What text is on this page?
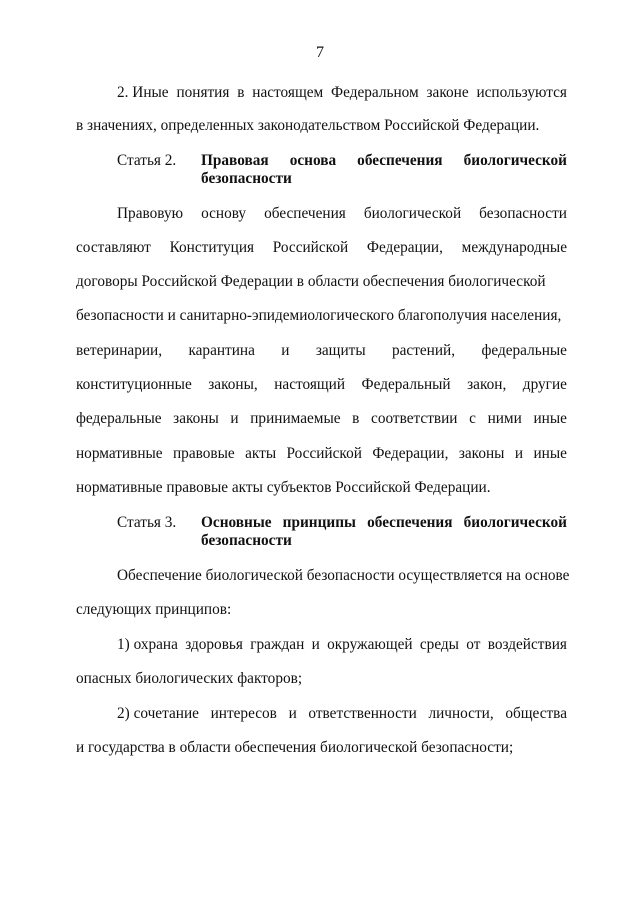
7
2. Иные понятия в настоящем Федеральном законе используются
в значениях, определенных законодательством Российской Федерации.
Статья 2. Правовая основа обеспечения биологической
безопасности
Правовую основу обеспечения биологической безопасности
составляют Конституция Российской Федерации, международные
договоры Российской Федерации в области обеспечения биологической
безопасности и санитарно-эпидемиологического благополучия населения,
ветеринарии, карантина и защиты растений, федеральные
конституционные законы, настоящий Федеральный закон, другие
федеральные законы и принимаемые в соответствии с ними иные
нормативные правовые акты Российской Федерации, законы и иные
нормативные правовые акты субъектов Российской Федерации.
Статья 3. Основные принципы обеспечения биологической
безопасности
Обеспечение биологической безопасности осуществляется на основе
следующих принципов:
1) охрана здоровья граждан и окружающей среды от воздействия
опасных биологических факторов;
2) сочетание интересов и ответственности личности, общества
и государства в области обеспечения биологической безопасности;
